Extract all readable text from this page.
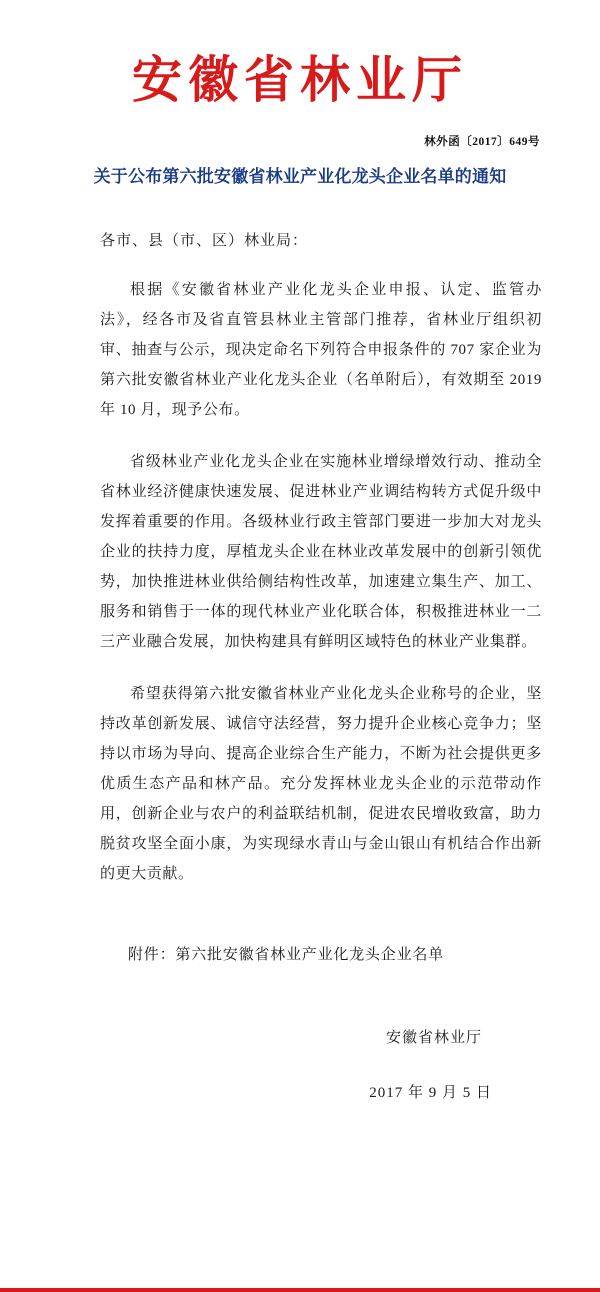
安徽省林业厅
林外函〔2017〕649号
关于公布第六批安徽省林业产业化龙头企业名单的通知
各市、县（市、区）林业局：
根据《安徽省林业产业化龙头企业申报、认定、监管办法》，经各市及省直管县林业主管部门推荐，省林业厅组织初审、抽查与公示，现决定命名下列符合申报条件的 707 家企业为第六批安徽省林业产业化龙头企业（名单附后），有效期至 2019 年 10 月，现予公布。
省级林业产业化龙头企业在实施林业增绿增效行动、推动全省林业经济健康快速发展、促进林业产业调结构转方式促升级中发挥着重要的作用。各级林业行政主管部门要进一步加大对龙头企业的扶持力度，厚植龙头企业在林业改革发展中的创新引领优势，加快推进林业供给侧结构性改革，加速建立集生产、加工、服务和销售于一体的现代林业产业化联合体，积极推进林业一二三产业融合发展，加快构建具有鲜明区域特色的林业产业集群。
希望获得第六批安徽省林业产业化龙头企业称号的企业，坚持改革创新发展、诚信守法经营，努力提升企业核心竞争力；坚持以市场为导向、提高企业综合生产能力，不断为社会提供更多优质生态产品和林产品。充分发挥林业龙头企业的示范带动作用，创新企业与农户的利益联结机制，促进农民增收致富，助力脱贫攻坚全面小康，为实现绿水青山与金山银山有机结合作出新的更大贡献。
附件：第六批安徽省林业产业化龙头企业名单
安徽省林业厅
2017 年 9 月 5 日
